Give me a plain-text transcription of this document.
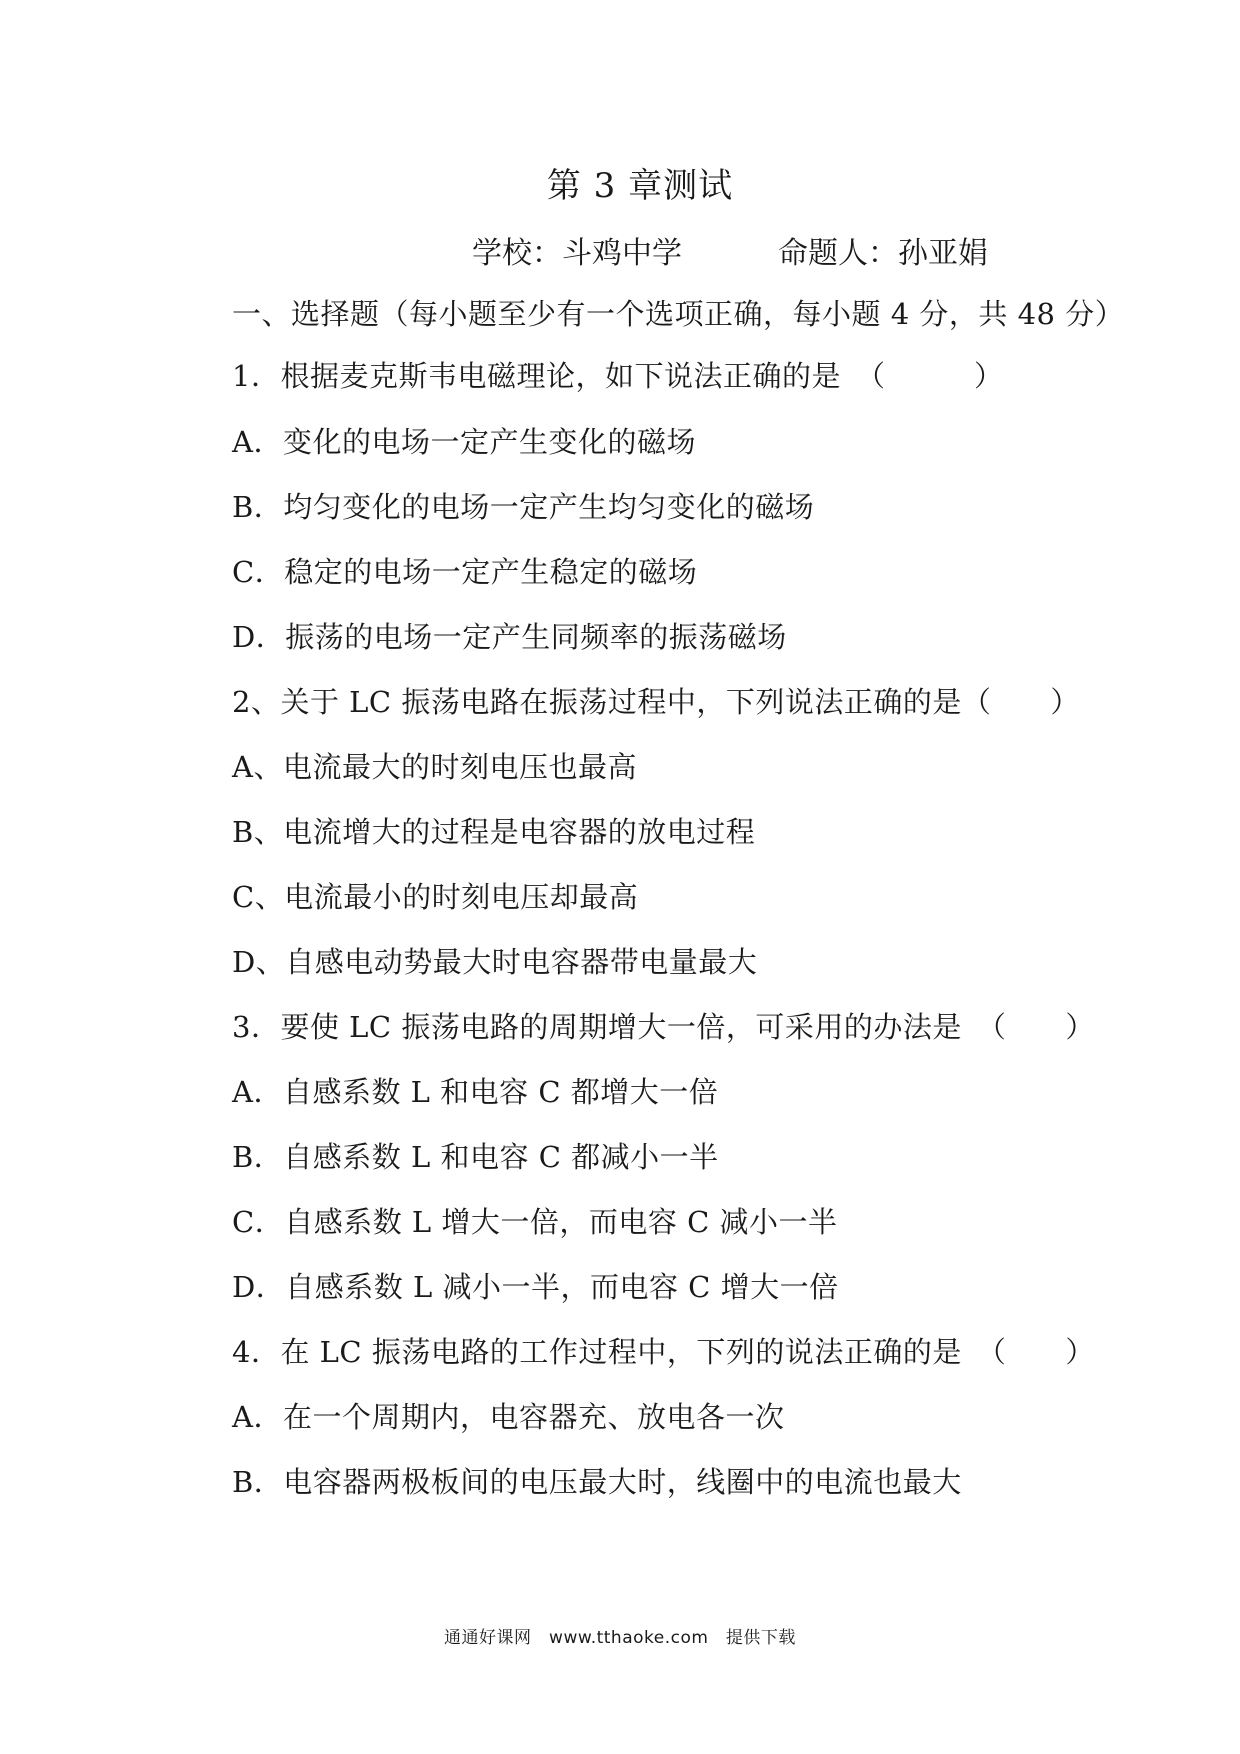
第 3 章测试
学校：斗鸡中学	命题人：孙亚娟
一、选择题（每小题至少有一个选项正确，每小题 4 分，共 48 分）
1．根据麦克斯韦电磁理论，如下说法正确的是　（　　　）
A．变化的电场一定产生变化的磁场
B．均匀变化的电场一定产生均匀变化的磁场
C．稳定的电场一定产生稳定的磁场
D．振荡的电场一定产生同频率的振荡磁场
2、关于 LC 振荡电路在振荡过程中，下列说法正确的是（　　）
A、电流最大的时刻电压也最高
B、电流增大的过程是电容器的放电过程
C、电流最小的时刻电压却最高
D、自感电动势最大时电容器带电量最大
3．要使 LC 振荡电路的周期增大一倍，可采用的办法是　（　　）
A．自感系数 L 和电容 C 都增大一倍
B．自感系数 L 和电容 C 都减小一半
C．自感系数 L 增大一倍，而电容 C 减小一半
D．自感系数 L 减小一半，而电容 C 增大一倍
4．在 LC 振荡电路的工作过程中，下列的说法正确的是　（　　）
A．在一个周期内，电容器充、放电各一次
B．电容器两极板间的电压最大时，线圈中的电流也最大
通通好课网　www.tthaoke.com　提供下载
